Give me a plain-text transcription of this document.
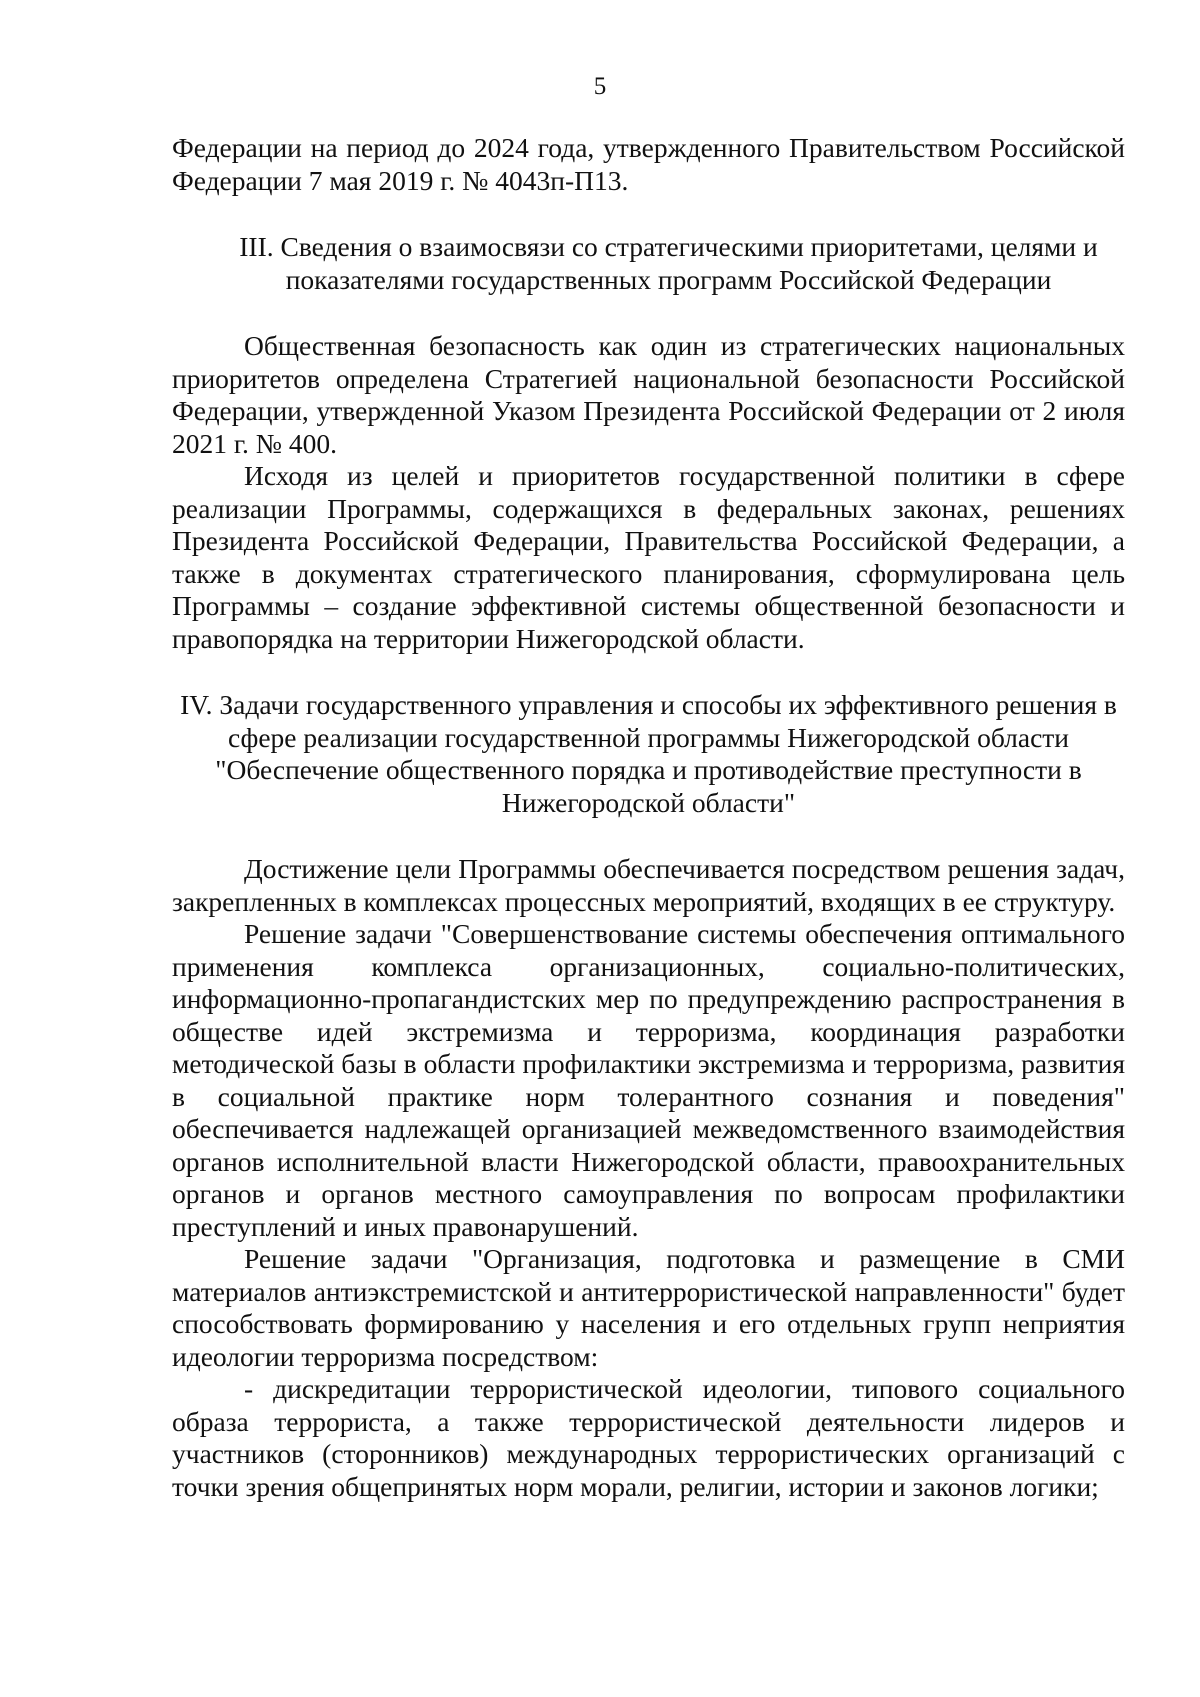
5

Федерации на период до 2024 года, утвержденного Правительством Российской Федерации 7 мая 2019 г. № 4043п-П13.

III. Сведения о взаимосвязи со стратегическими приоритетами, целями и показателями государственных программ Российской Федерации

Общественная безопасность как один из стратегических национальных приоритетов определена Стратегией национальной безопасности Российской Федерации, утвержденной Указом Президента Российской Федерации от 2 июля 2021 г. № 400.

Исходя из целей и приоритетов государственной политики в сфере реализации Программы, содержащихся в федеральных законах, решениях Президента Российской Федерации, Правительства Российской Федерации, а также в документах стратегического планирования, сформулирована цель Программы – создание эффективной системы общественной безопасности и правопорядка на территории Нижегородской области.

IV. Задачи государственного управления и способы их эффективного решения в сфере реализации государственной программы Нижегородской области "Обеспечение общественного порядка и противодействие преступности в Нижегородской области"

Достижение цели Программы обеспечивается посредством решения задач, закрепленных в комплексах процессных мероприятий, входящих в ее структуру.

Решение задачи "Совершенствование системы обеспечения оптимального применения комплекса организационных, социально-политических, информационно-пропагандистских мер по предупреждению распространения в обществе идей экстремизма и терроризма, координация разработки методической базы в области профилактики экстремизма и терроризма, развития в социальной практике норм толерантного сознания и поведения" обеспечивается надлежащей организацией межведомственного взаимодействия органов исполнительной власти Нижегородской области, правоохранительных органов и органов местного самоуправления по вопросам профилактики преступлений и иных правонарушений.

Решение задачи "Организация, подготовка и размещение в СМИ материалов антиэкстремистской и антитеррористической направленности" будет способствовать формированию у населения и его отдельных групп неприятия идеологии терроризма посредством:

- дискредитации террористической идеологии, типового социального образа террориста, а также террористической деятельности лидеров и участников (сторонников) международных террористических организаций с точки зрения общепринятых норм морали, религии, истории и законов логики;
